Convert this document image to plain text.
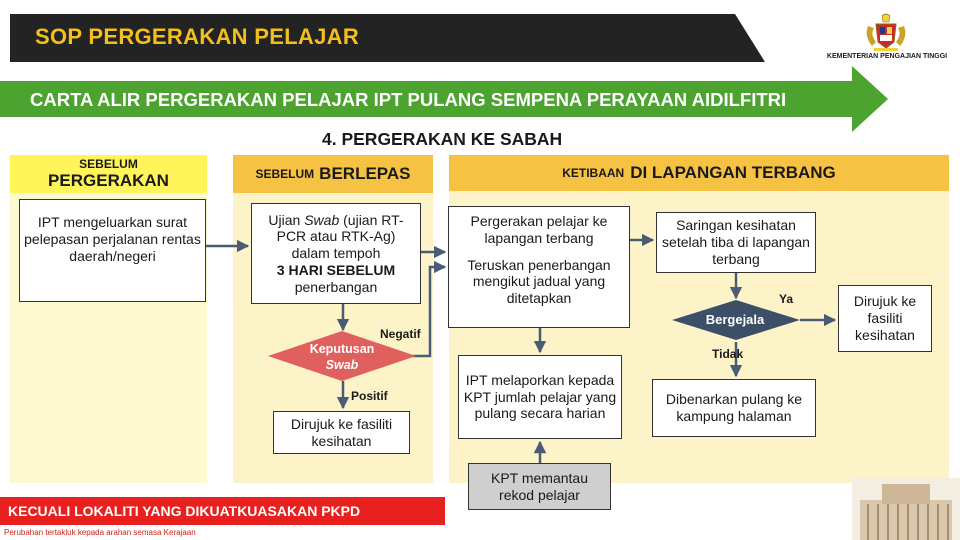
SOP PERGERAKAN PELAJAR
KEMENTERIAN PENGAJIAN TINGGI
CARTA ALIR PERGERAKAN PELAJAR IPT PULANG SEMPENA PERAYAAN AIDILFITRI
4. PERGERAKAN KE SABAH
SEBELUM
PERGERAKAN	SEBELUM BERLEPAS	KETIBAAN DI LAPANGAN TERBANG
IPT mengeluarkan surat pelepasan perjalanan rentas daerah/negeri
Ujian Swab (ujian RT-PCR atau RTK-Ag) dalam tempoh
3 HARI SEBELUM
penerbangan
Dirujuk ke fasiliti kesihatan
Pergerakan pelajar ke lapangan terbang
Teruskan penerbangan mengikut jadual yang ditetapkan
Saringan kesihatan setelah tiba di lapangan terbang
IPT melaporkan kepada KPT jumlah pelajar yang pulang secara harian
KPT memantau rekod pelajar
Dirujuk ke fasiliti kesihatan
Dibenarkan pulang ke kampung halaman
Keputusan
Swab
Bergejala
Negatif
Positif
Ya
Tidak
KECUALI LOKALITI YANG DIKUATKUASAKAN PKPD
Perubahan tertakluk kepada arahan semasa Kerajaan
